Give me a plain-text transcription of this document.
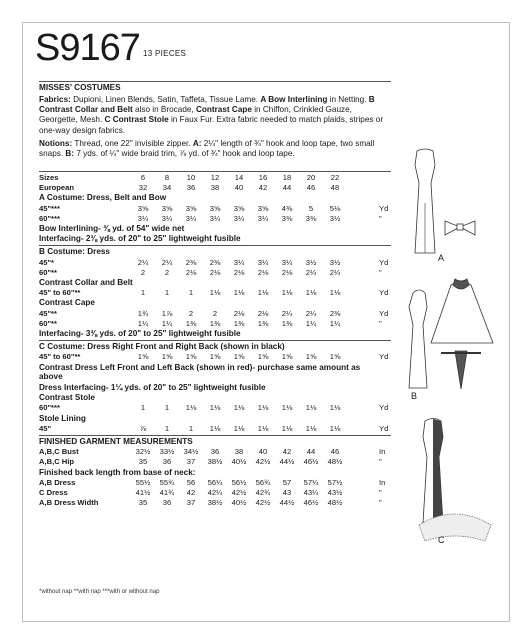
S9167 13 PIECES
MISSES' COSTUMES
Fabrics: Dupioni, Linen Blends, Satin, Taffeta, Tissue Lame. A Bow Interlining in Netting. B Contrast Collar and Belt also in Brocade, Contrast Cape in Chiffon, Crinkled Gauze, Georgette, Mesh. C Contrast Stole in Faux Fur. Extra fabric needed to match plaids, stripes or one-way design fabrics.
Notions: Thread, one 22" invisible zipper. A: 2¼" length of ¾" hook and loop tape, two small snaps. B: 7 yds. of ¼" wide braid trim, ⅞ yd. of ¾" hook and loop tape.
Sizes	6	8	10	12	14	16	18	20	22
European	32	34	36	38	40	42	44	46	48
A Costume: Dress, Belt and Bow
45"***	3⅝	3⅝	3⅝	3⅝	3⅝	3⅝	4⅜	5	5⅛	Yd
60"***	3¼	3¼	3¼	3¼	3¼	3¼	3⅜	3⅜	3½	"
Bow Interlining- ⅜ yd. of 54" wide net
Interfacing- 2⅜ yds. of 20" to 25" lightweight fusible
B Costume: Dress
45"*	2¼	2¼	2⅜	2⅜	3¼	3¼	3¼	3½	3½	Yd
60"**	2	2	2⅛	2⅛	2⅛	2⅛	2⅛	2¼	2¼	"
Contrast Collar and Belt
45" to 60"**	1	1	1	1⅛	1⅛	1⅛	1⅛	1⅛	1⅛	Yd
Contrast Cape
45"**	1¾	1⅞	2	2	2⅛	2⅛	2¼	2¼	2⅜	Yd
60"**	1¼	1¼	1⅜	1⅜	1⅜	1⅜	1⅜	1¼	1¼	"
Interfacing- 3⅜ yds. of 20" to 25" lightweight fusible
C Costume: Dress Right Front and Right Back (shown in black)
45" to 60"**	1⅝	1⅝	1⅝	1⅝	1⅝	1⅝	1⅝	1⅝	1⅝	Yd
Contrast Dress Left Front and Left Back (shown in red)- purchase same amount as above
Dress Interfacing- 1¼ yds. of 20" to 25" lightweight fusible
Contrast Stole
60"***	1	1	1⅛	1⅛	1⅛	1⅛	1⅛	1⅛	1⅛	Yd
Stole Lining
45"	⅞	1	1	1⅛	1⅛	1⅛	1⅛	1⅛	1⅛	Yd
FINISHED GARMENT MEASUREMENTS
A,B,C Bust	32½	33½	34½	36	38	40	42	44	46	In
A,B,C Hip	35	36	37	38½	40½	42½	44½	46½	48½	"
Finished back length from base of neck:
A,B Dress	55½	55¾	56	56¼	56½	56¾	57	57¼	57½	In
C Dress	41½	41¾	42	42¼	42½	42¾	43	43¼	43½	"
A,B Dress Width	35	36	37	38½	40½	42½	44½	46½	48½	"
A
B
C
*without nap **with nap ***with or without nap
